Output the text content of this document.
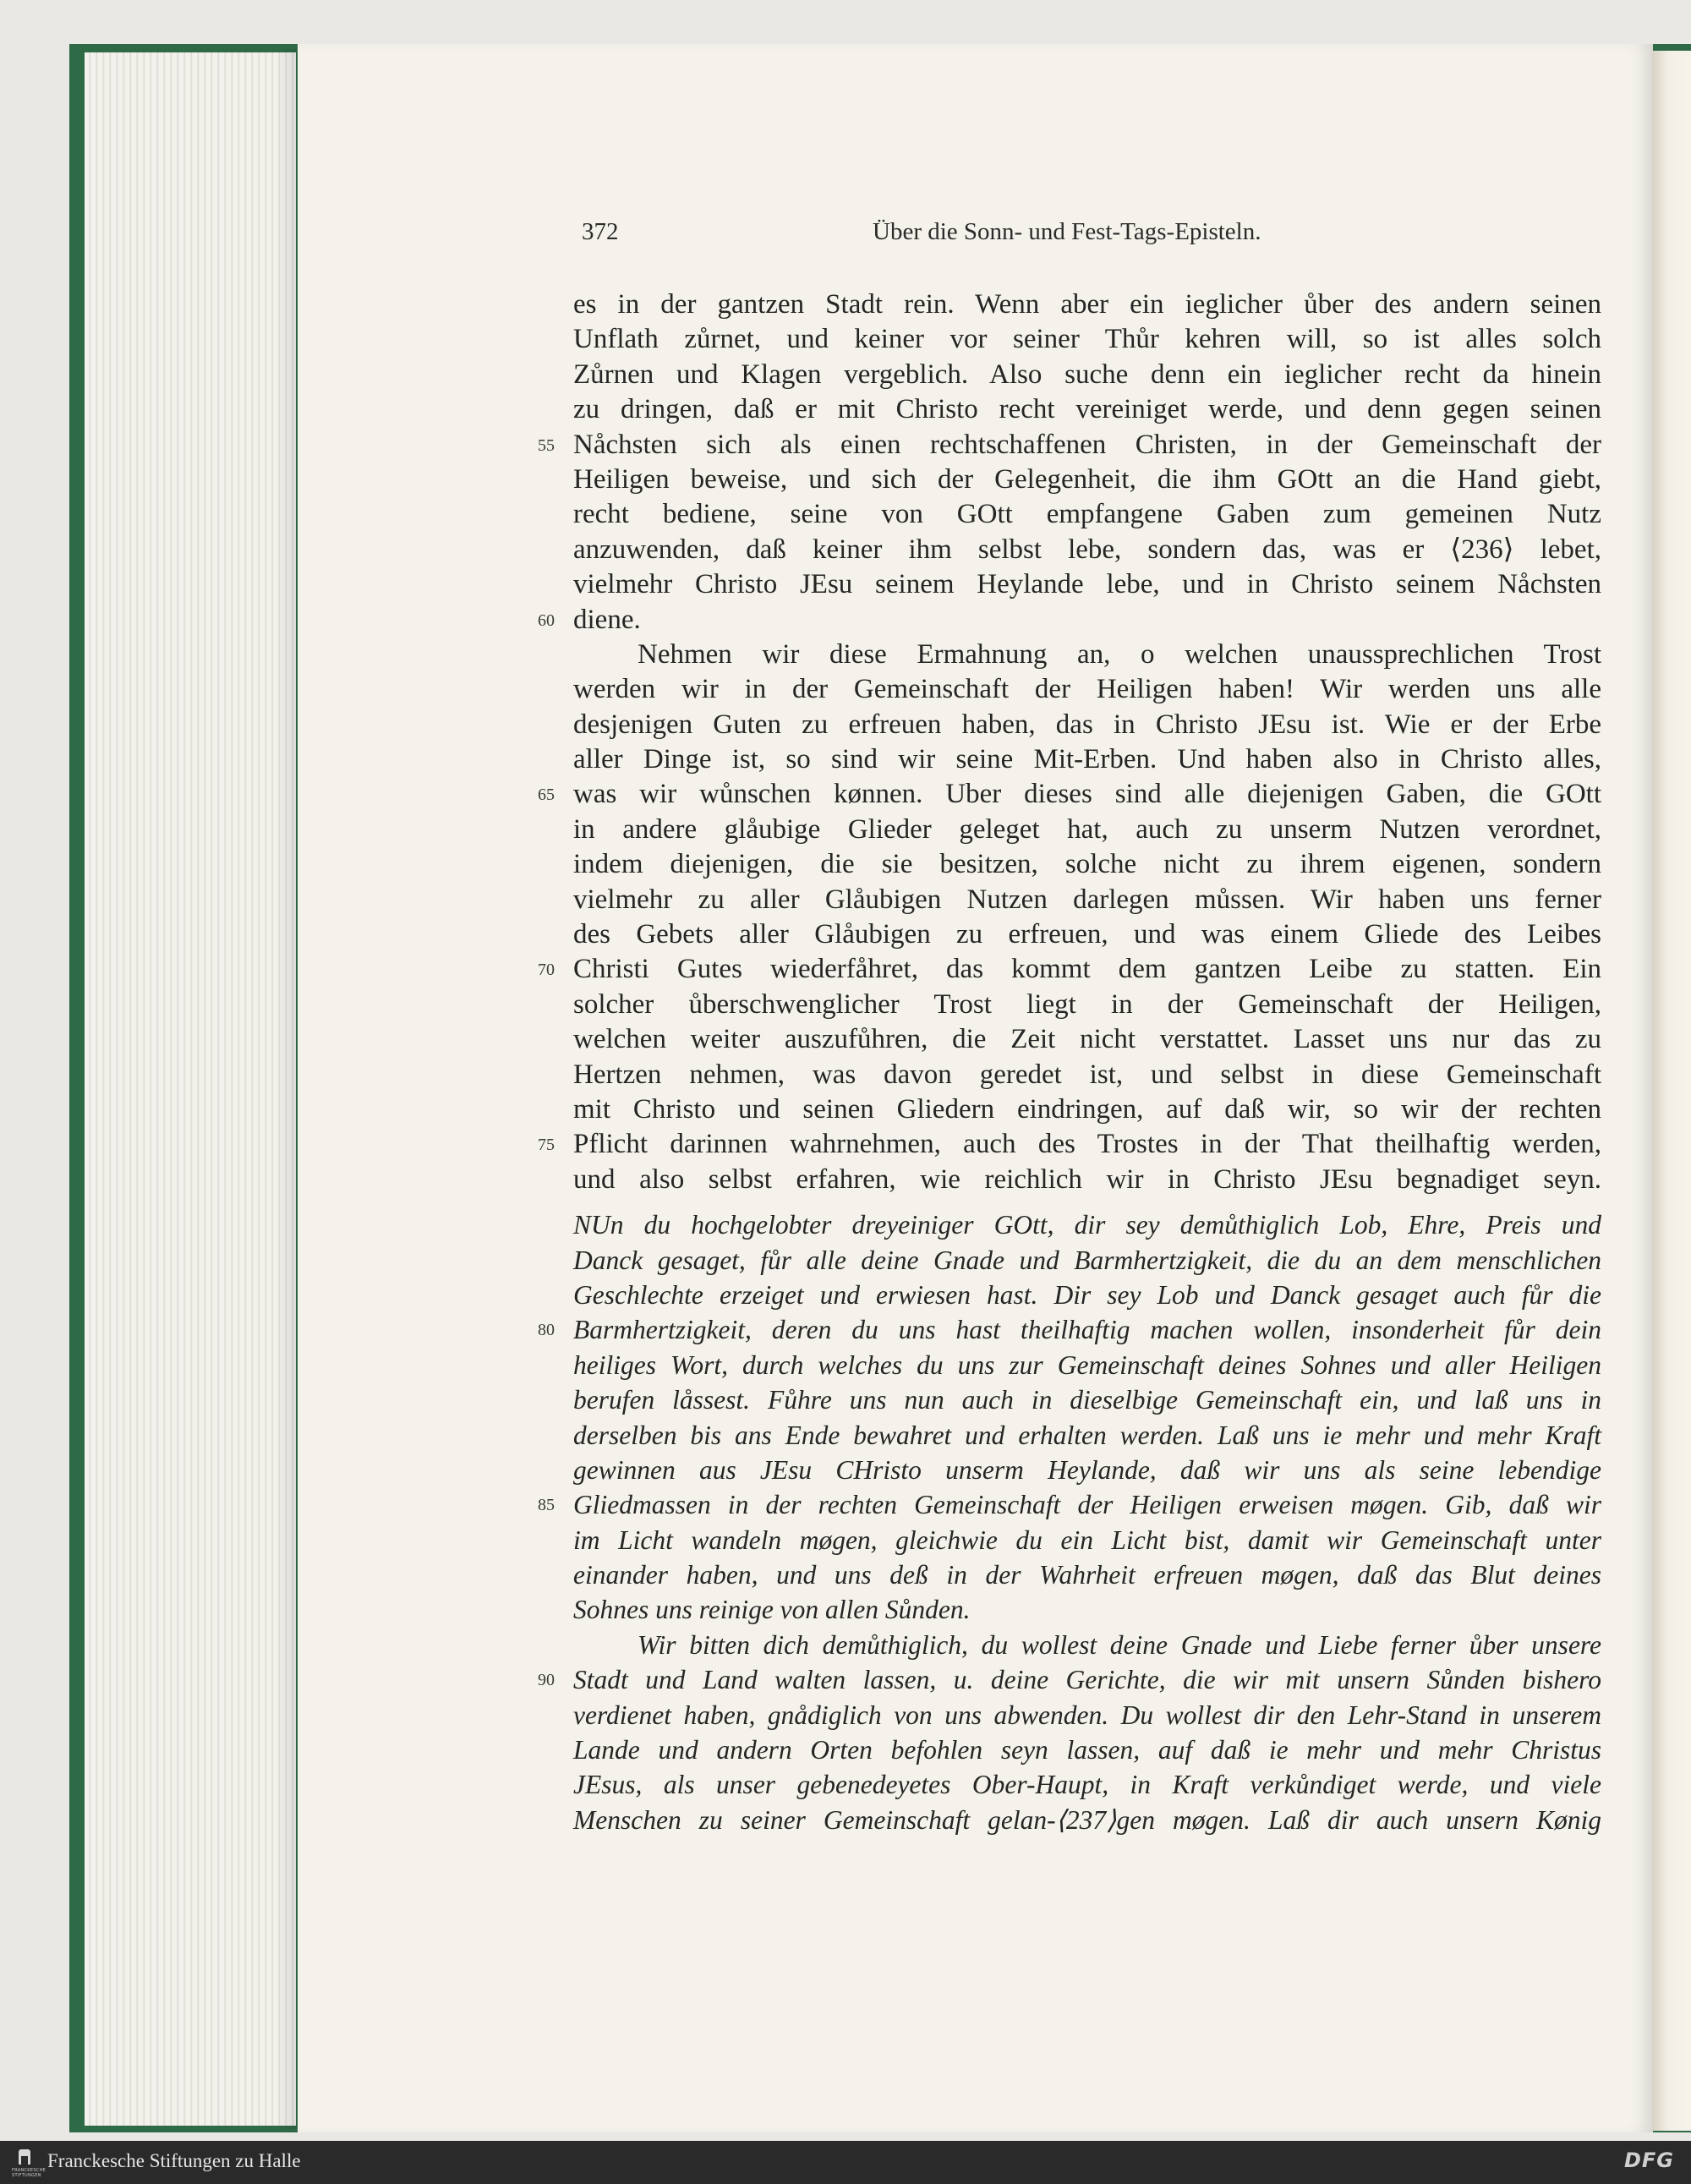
372	Über die Sonn- und Fest-Tags-Episteln.
es in der gantzen Stadt rein. Wenn aber ein ieglicher ůber des andern seinen
Unflath zůrnet, und keiner vor seiner Thůr kehren will, so ist alles solch
Zůrnen und Klagen vergeblich. Also suche denn ein ieglicher recht da hinein
zu dringen, daß er mit Christo recht vereiniget werde, und denn gegen seinen
55 Nåchsten sich als einen rechtschaffenen Christen, in der Gemeinschaft der
Heiligen beweise, und sich der Gelegenheit, die ihm GOtt an die Hand giebt,
recht bediene, seine von GOtt empfangene Gaben zum gemeinen Nutz
anzuwenden, daß keiner ihm selbst lebe, sondern das, was er ⟨236⟩ lebet,
vielmehr Christo JEsu seinem Heylande lebe, und in Christo seinem Nåchsten
60 diene.
Nehmen wir diese Ermahnung an, o welchen unaussprechlichen Trost
werden wir in der Gemeinschaft der Heiligen haben! Wir werden uns alle
desjenigen Guten zu erfreuen haben, das in Christo JEsu ist. Wie er der Erbe
aller Dinge ist, so sind wir seine Mit-Erben. Und haben also in Christo alles,
65 was wir wůnschen kønnen. Uber dieses sind alle diejenigen Gaben, die GOtt
in andere glåubige Glieder geleget hat, auch zu unserm Nutzen verordnet,
indem diejenigen, die sie besitzen, solche nicht zu ihrem eigenen, sondern
vielmehr zu aller Glåubigen Nutzen darlegen můssen. Wir haben uns ferner
des Gebets aller Glåubigen zu erfreuen, und was einem Gliede des Leibes
70 Christi Gutes wiederfåhret, das kommt dem gantzen Leibe zu statten. Ein
solcher ůberschwenglicher Trost liegt in der Gemeinschaft der Heiligen,
welchen weiter auszufůhren, die Zeit nicht verstattet. Lasset uns nur das zu
Hertzen nehmen, was davon geredet ist, und selbst in diese Gemeinschaft
mit Christo und seinen Gliedern eindringen, auf daß wir, so wir der rechten
75 Pflicht darinnen wahrnehmen, auch des Trostes in der That theilhaftig werden,
und also selbst erfahren, wie reichlich wir in Christo JEsu begnadiget seyn.
NUn du hochgelobter dreyeiniger GOtt, dir sey demůthiglich Lob, Ehre, Preis und
Danck gesaget, fůr alle deine Gnade und Barmhertzigkeit, die du an dem menschlichen
Geschlechte erzeiget und erwiesen hast. Dir sey Lob und Danck gesaget auch fůr die
80 Barmhertzigkeit, deren du uns hast theilhaftig machen wollen, insonderheit fůr dein
heiliges Wort, durch welches du uns zur Gemeinschaft deines Sohnes und aller Heiligen
berufen låssest. Fůhre uns nun auch in dieselbige Gemeinschaft ein, und laß uns in
derselben bis ans Ende bewahret und erhalten werden. Laß uns ie mehr und mehr Kraft
gewinnen aus JEsu CHristo unserm Heylande, daß wir uns als seine lebendige
85 Gliedmassen in der rechten Gemeinschaft der Heiligen erweisen møgen. Gib, daß wir
im Licht wandeln møgen, gleichwie du ein Licht bist, damit wir Gemeinschaft unter
einander haben, und uns deß in der Wahrheit erfreuen møgen, daß das Blut deines
Sohnes uns reinige von allen Sůnden.
Wir bitten dich demůthiglich, du wollest deine Gnade und Liebe ferner ůber unsere
90 Stadt und Land walten lassen, u. deine Gerichte, die wir mit unsern Sůnden bishero
verdienet haben, gnådiglich von uns abwenden. Du wollest dir den Lehr-Stand in unserem
Lande und andern Orten befohlen seyn lassen, auf daß ie mehr und mehr Christus
JEsus, als unser gebenedeyetes Ober-Haupt, in Kraft verkůndiget werde, und viele
Menschen zu seiner Gemeinschaft gelan-⟨237⟩gen møgen. Laß dir auch unsern Kønig
FRANCKESCHE STIFTUNGEN
Franckesche Stiftungen zu Halle	DFG
